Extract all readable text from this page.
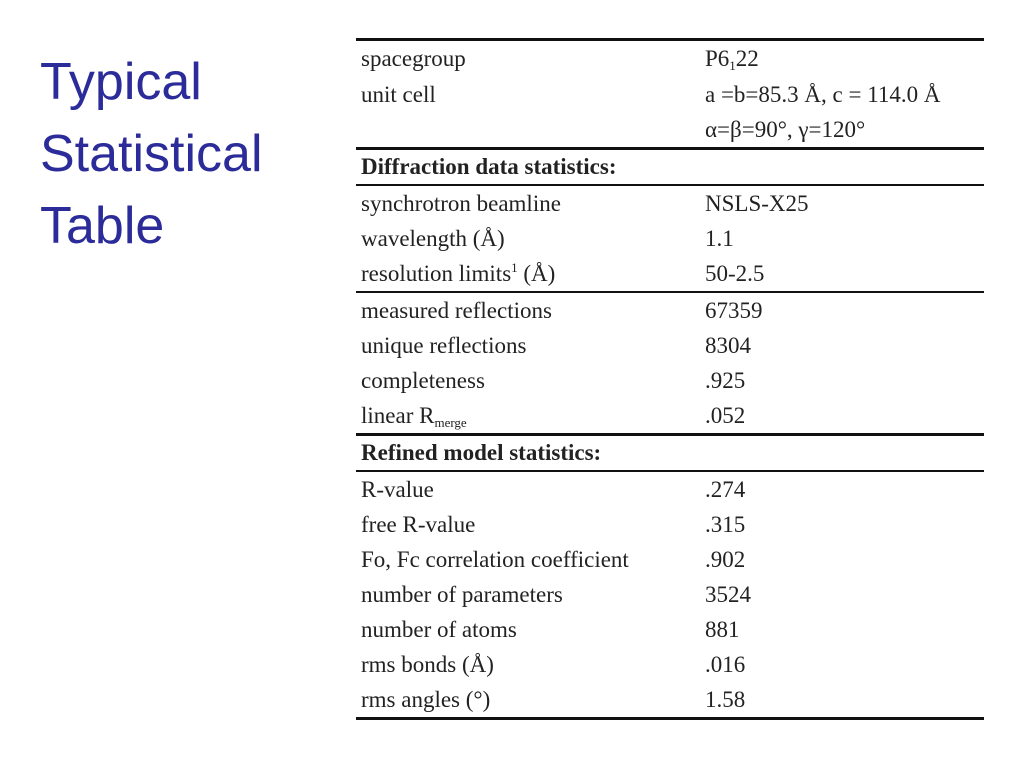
Typical
Statistical
Table
spacegroup	$P6_122$
unit cell	a =b=85.3 Å, c = 114.0 Å
α=β=90°, γ=120°
Diffraction data statistics:
synchrotron beamline	NSLS-X25
wavelength (Å)	1.1
resolution limits$^1$ (Å)	50-2.5
measured reflections	67359
unique reflections	8304
completeness	.925
linear $R_{merge}$	.052
Refined model statistics:
R-value	.274
free R-value	.315
Fo, Fc correlation coefficient	.902
number of parameters	3524
number of atoms	881
rms bonds (Å)	.016
rms angles (°)	1.58
